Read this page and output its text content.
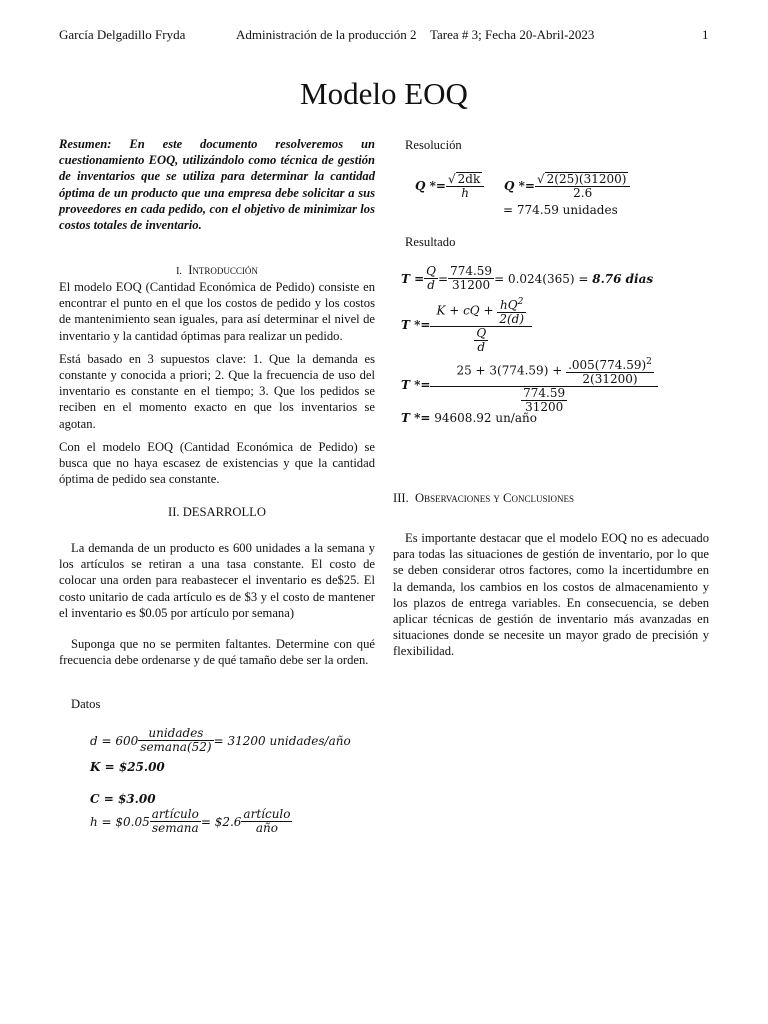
García Delgadillo Fryda	Administración de la producción 2 Tarea # 3; Fecha 20-Abril-2023	1
Modelo EOQ
Resumen: En este documento resolveremos un cuestionamiento EOQ, utilizándolo como técnica de gestión de inventarios que se utiliza para determinar la cantidad óptima de un producto que una empresa debe solicitar a sus proveedores en cada pedido, con el objetivo de minimizar los costos totales de inventario.
I. Introducción

El modelo EOQ (Cantidad Económica de Pedido) consiste en encontrar el punto en el que los costos de pedido y los costos de mantenimiento sean iguales, para así determinar el nivel de inventario y la cantidad óptimas para realizar un pedido.

Está basado en 3 supuestos clave: 1. Que la demanda es constante y conocida a priori; 2. Que la frecuencia de uso del inventario es constante en el tiempo; 3. Que los pedidos se reciben en el momento exacto en que los inventarios se agotan.

Con el modelo EOQ (Cantidad Económica de Pedido) se busca que no haya escasez de existencias y que la cantidad óptima de pedido sea constante.

II. DESARROLLO

La demanda de un producto es 600 unidades a la semana y los artículos se retiran a una tasa constante. El costo de colocar una orden para reabastecer el inventario es de$25. El costo unitario de cada artículo es de $3 y el costo de mantener el inventario es $0.05 por artículo por semana)

Suponga que no se permiten faltantes. Determine con qué frecuencia debe ordenarse y de qué tamaño debe ser la orden.

Datos
$d = 600 \frac{\text{unidades}}{\text{semana(52)}} = 31200$ unidades/año
K = $25.00
C = $3.00
h = $0.05 $\frac{\text{artículo}}{\text{semana}}$ = $2.6 $\frac{\text{artículo}}{\text{año}}$
Resolución
$Q *= \frac{√ 2dk}{h}$ $Q *= \frac{√ 2(25)(31200)}{2.6}$
= 774.59 unidades
Resultado
$T = \frac{Q}{d} = \frac{774.59}{31200} = 0.024(365)$ =
8.76 dias
$T *= \frac{K + cQ + \frac{hQ^2}{2(d)}}{\frac{Q}{d}}$
$T *= \frac{25 + 3(774.59) + \frac{.005(774.59)^2}{2(31200)}}{\frac{774.59}{31200}}$
T *=
94608.92 un/año
III. Observaciones y Conclusiones

Es importante destacar que el modelo EOQ no es adecuado para todas las situaciones de gestión de inventario, por lo que se deben considerar otros factores, como la incertidumbre en la demanda, los cambios en los costos de almacenamiento y los plazos de entrega variables. En consecuencia, se deben aplicar técnicas de gestión de inventario más avanzadas en situaciones donde se necesite un mayor grado de precisión y flexibilidad.
